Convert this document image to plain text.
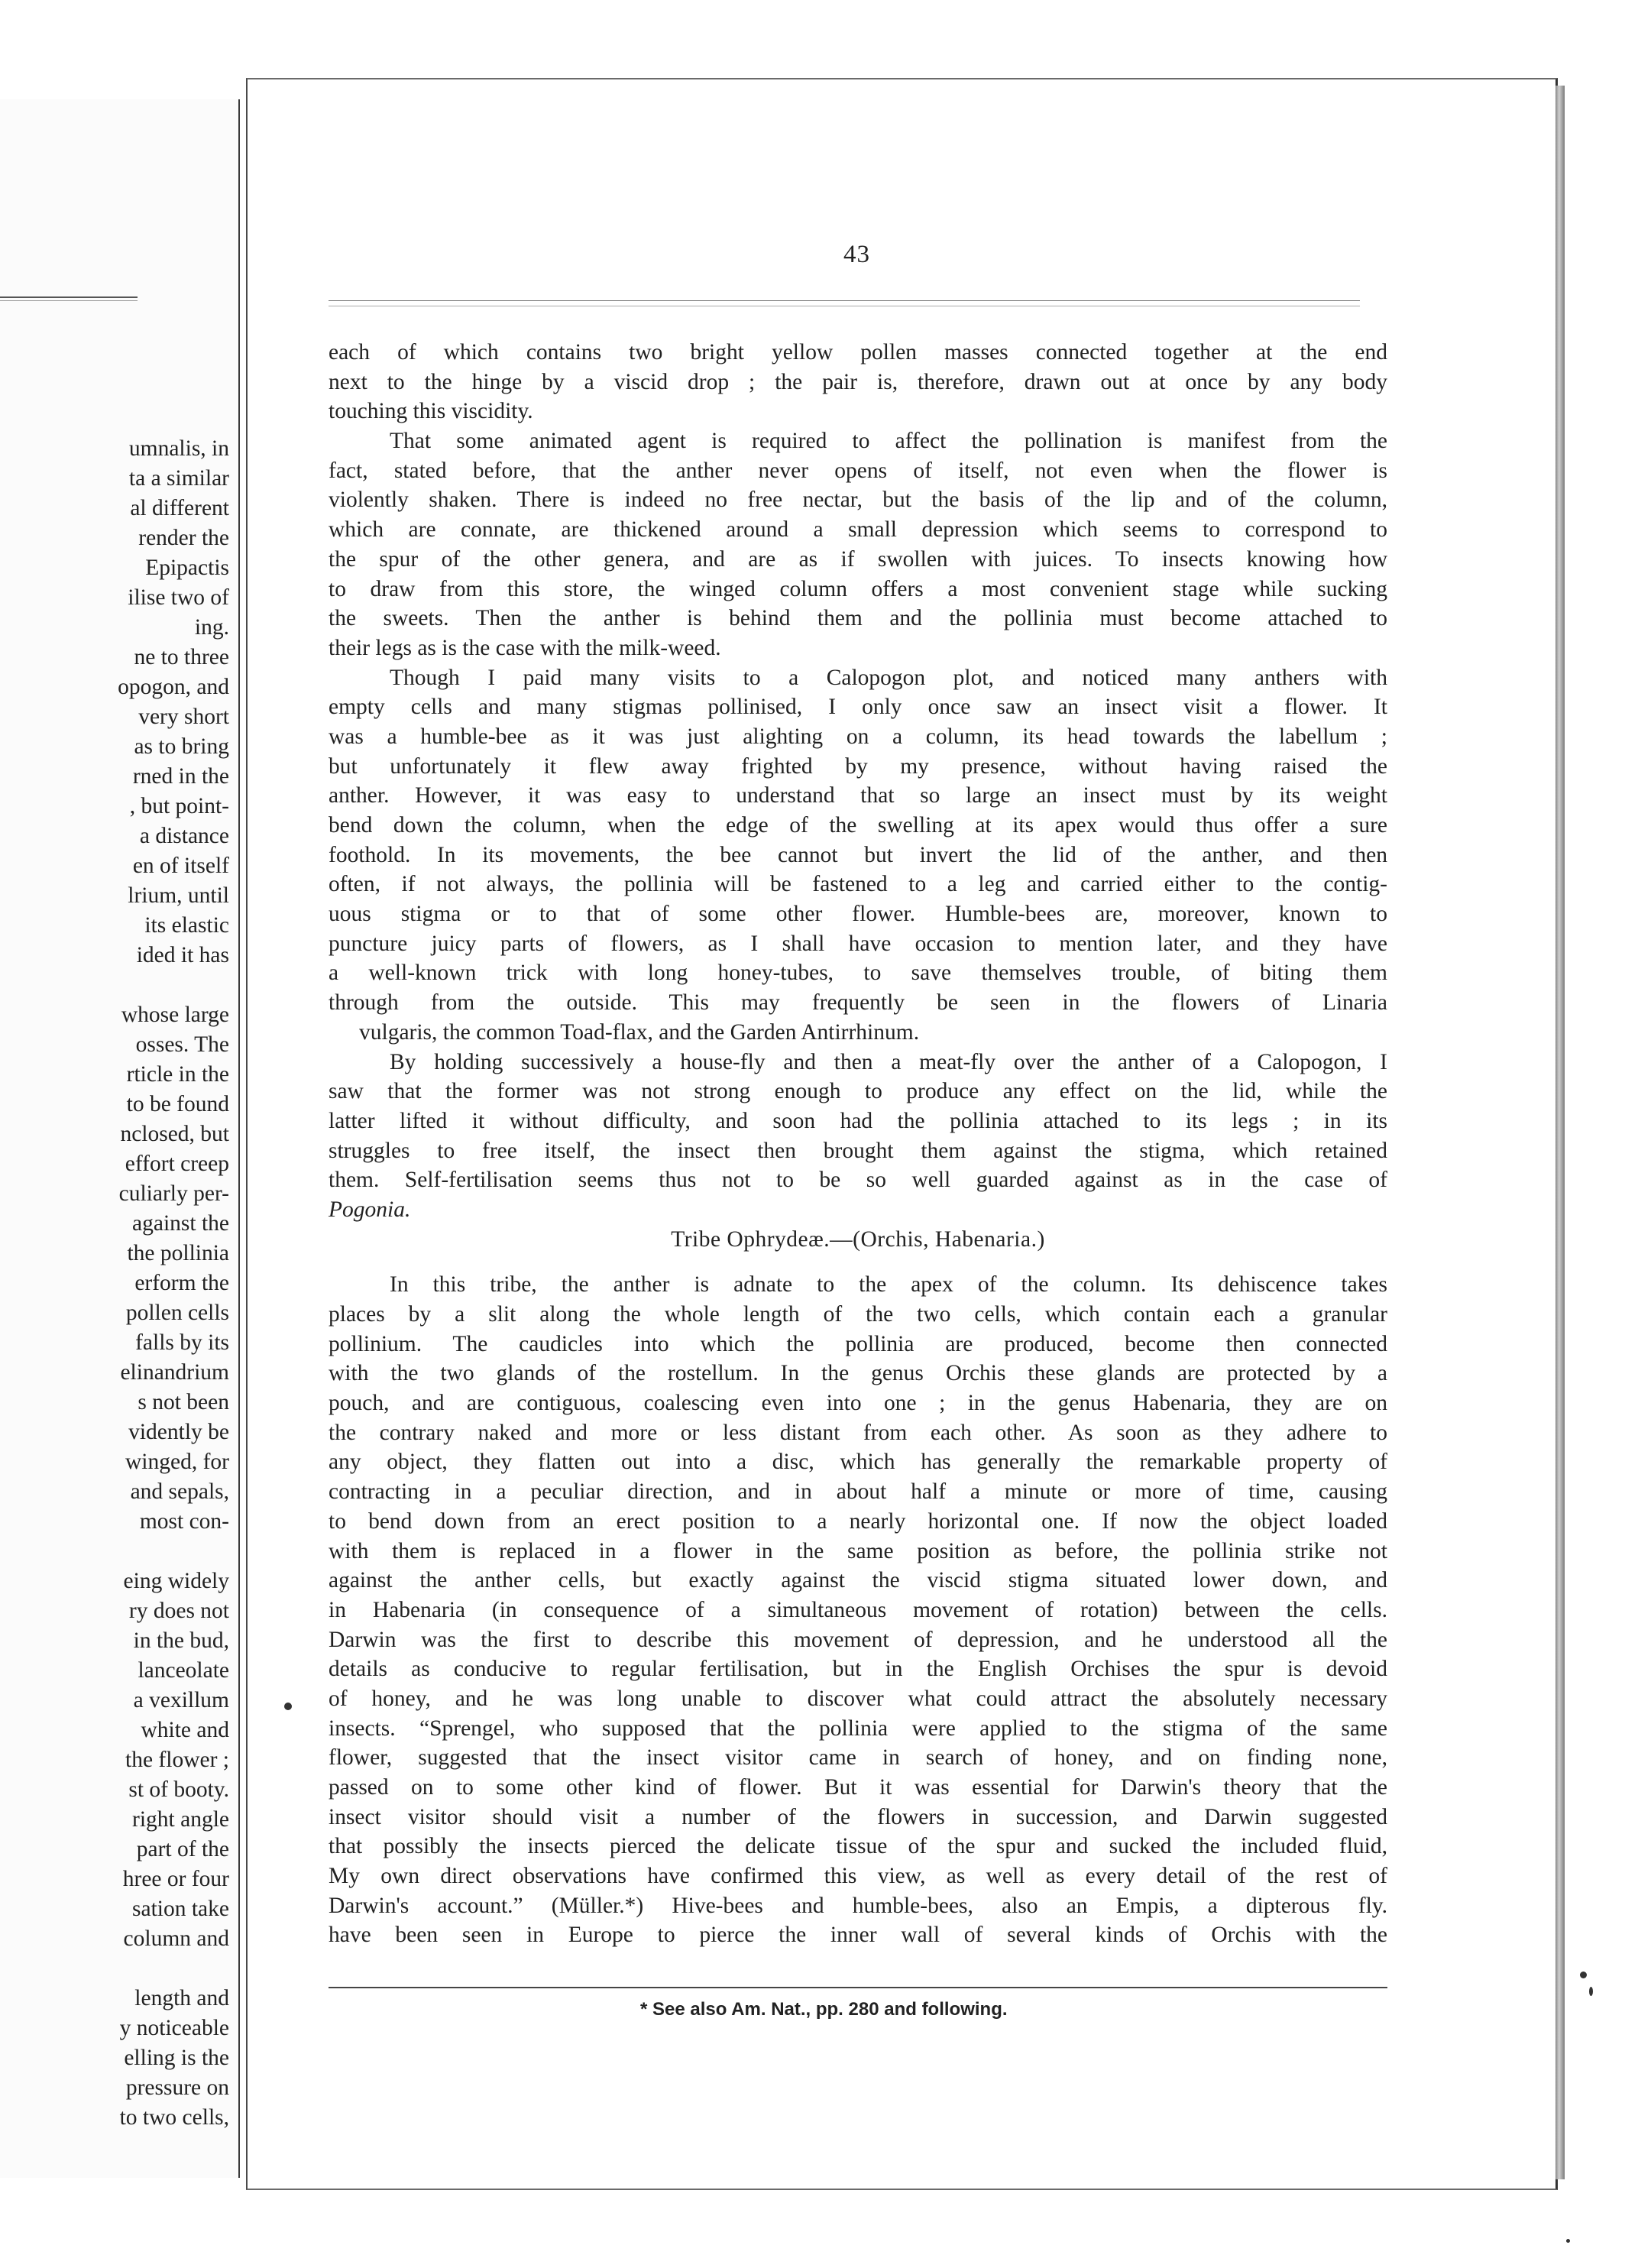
umnalis, in
ta a similar
al different
render the
Epipactis
ilise two of
ing.
ne to three
opogon, and
very short
as to bring
rned in the
, but point-
a distance
en of itself
lrium, until
its elastic
ided it has
whose large
osses. The
rticle in the
to be found
nclosed, but
effort creep
culiarly per-
against the
the pollinia
erform the
pollen cells
falls by its
elinandrium
s not been
vidently be
winged, for
and sepals,
most con-
eing widely
ry does not
in the bud,
lanceolate
a vexillum
white and
the flower ;
st of booty.
right angle
part of the
hree or four
sation take
column and
length and
y noticeable
elling is the
pressure on
to two cells,
43
each of which contains two bright yellow pollen masses connected together at the end
next to the hinge by a viscid drop ; the pair is, therefore, drawn out at once by any body
touching this viscidity.
That some animated agent is required to affect the pollination is manifest from the
fact, stated before, that the anther never opens of itself, not even when the flower is
violently shaken. There is indeed no free nectar, but the basis of the lip and of the column,
which are connate, are thickened around a small depression which seems to correspond to
the spur of the other genera, and are as if swollen with juices. To insects knowing how
to draw from this store, the winged column offers a most convenient stage while sucking
the sweets. Then the anther is behind them and the pollinia must become attached to
their legs as is the case with the milk-weed.
Though I paid many visits to a Calopogon plot, and noticed many anthers with
empty cells and many stigmas pollinised, I only once saw an insect visit a flower. It
was a humble-bee as it was just alighting on a column, its head towards the labellum ;
but unfortunately it flew away frighted by my presence, without having raised the
anther. However, it was easy to understand that so large an insect must by its weight
bend down the column, when the edge of the swelling at its apex would thus offer a sure
foothold. In its movements, the bee cannot but invert the lid of the anther, and then
often, if not always, the pollinia will be fastened to a leg and carried either to the contig-
uous stigma or to that of some other flower. Humble-bees are, moreover, known to
puncture juicy parts of flowers, as I shall have occasion to mention later, and they have
a well-known trick with long honey-tubes, to save themselves trouble, of biting them
through from the outside. This may frequently be seen in the flowers of Linaria
vulgaris, the common Toad-flax, and the Garden Antirrhinum.
By holding successively a house-fly and then a meat-fly over the anther of a Calopogon, I
saw that the former was not strong enough to produce any effect on the lid, while the
latter lifted it without difficulty, and soon had the pollinia attached to its legs ; in its
struggles to free itself, the insect then brought them against the stigma, which retained
them. Self-fertilisation seems thus not to be so well guarded against as in the case of
Pogonia.
Tribe Ophrydeæ.—(Orchis, Habenaria.)
In this tribe, the anther is adnate to the apex of the column. Its dehiscence takes
places by a slit along the whole length of the two cells, which contain each a granular
pollinium. The caudicles into which the pollinia are produced, become then connected
with the two glands of the rostellum. In the genus Orchis these glands are protected by a
pouch, and are contiguous, coalescing even into one ; in the genus Habenaria, they are on
the contrary naked and more or less distant from each other. As soon as they adhere to
any object, they flatten out into a disc, which has generally the remarkable property of
contracting in a peculiar direction, and in about half a minute or more of time, causing
to bend down from an erect position to a nearly horizontal one. If now the object loaded
with them is replaced in a flower in the same position as before, the pollinia strike not
against the anther cells, but exactly against the viscid stigma situated lower down, and
in Habenaria (in consequence of a simultaneous movement of rotation) between the cells.
Darwin was the first to describe this movement of depression, and he understood all the
details as conducive to regular fertilisation, but in the English Orchises the spur is devoid
of honey, and he was long unable to discover what could attract the absolutely necessary
insects. “Sprengel, who supposed that the pollinia were applied to the stigma of the same
flower, suggested that the insect visitor came in search of honey, and on finding none,
passed on to some other kind of flower. But it was essential for Darwin's theory that the
insect visitor should visit a number of the flowers in succession, and Darwin suggested
that possibly the insects pierced the delicate tissue of the spur and sucked the included fluid,
My own direct observations have confirmed this view, as well as every detail of the rest of
Darwin's account.” (Müller.*) Hive-bees and humble-bees, also an Empis, a dipterous fly.
have been seen in Europe to pierce the inner wall of several kinds of Orchis with the
* See also Am. Nat., pp. 280 and following.
